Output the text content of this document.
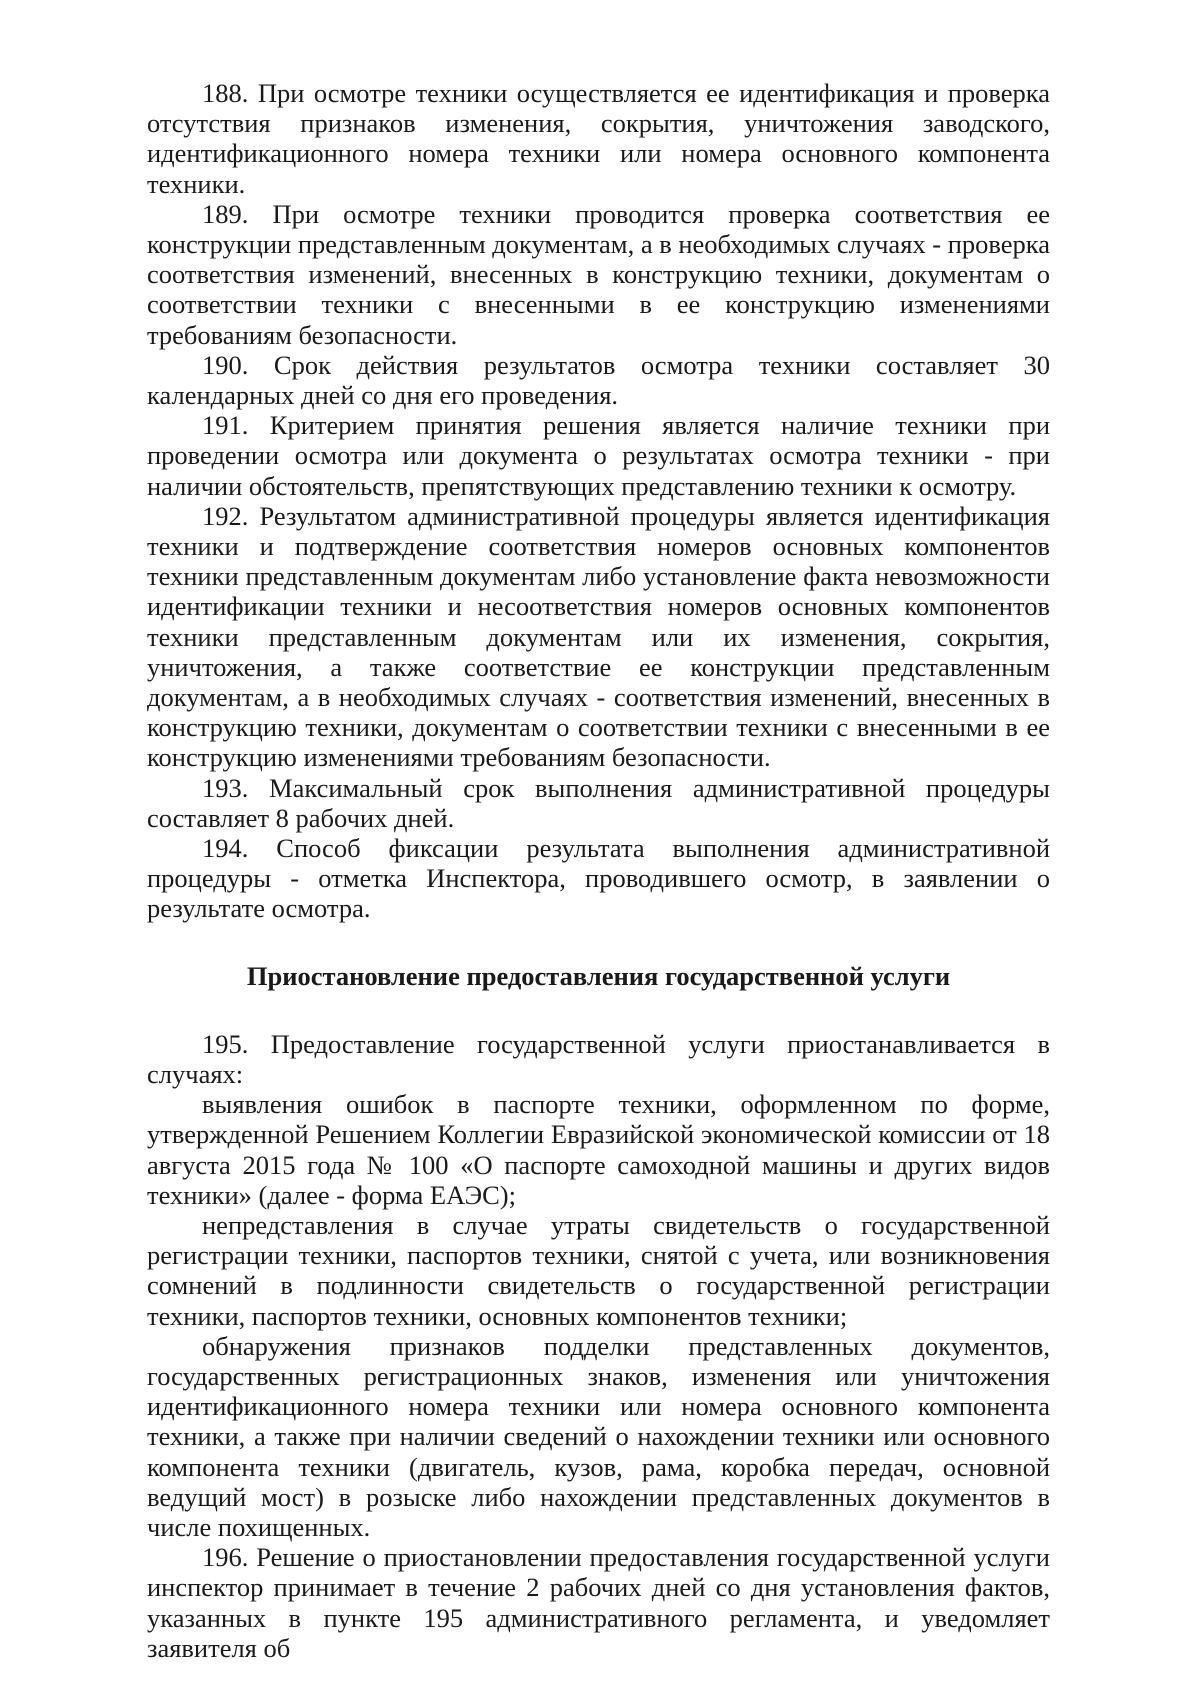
188. При осмотре техники осуществляется ее идентификация и проверка отсутствия признаков изменения, сокрытия, уничтожения заводского, идентификационного номера техники или номера основного компонента техники.

189. При осмотре техники проводится проверка соответствия ее конструкции представленным документам, а в необходимых случаях - проверка соответствия изменений, внесенных в конструкцию техники, документам о соответствии техники с внесенными в ее конструкцию изменениями требованиям безопасности.

190. Срок действия результатов осмотра техники составляет 30 календарных дней со дня его проведения.

191. Критерием принятия решения является наличие техники при проведении осмотра или документа о результатах осмотра техники - при наличии обстоятельств, препятствующих представлению техники к осмотру.

192. Результатом административной процедуры является идентификация техники и подтверждение соответствия номеров основных компонентов техники представленным документам либо установление факта невозможности идентификации техники и несоответствия номеров основных компонентов техники представленным документам или их изменения, сокрытия, уничтожения, а также соответствие ее конструкции представленным документам, а в необходимых случаях - соответствия изменений, внесенных в конструкцию техники, документам о соответствии техники с внесенными в ее конструкцию изменениями требованиям безопасности.

193. Максимальный срок выполнения административной процедуры составляет 8 рабочих дней.

194. Способ фиксации результата выполнения административной процедуры - отметка Инспектора, проводившего осмотр, в заявлении о результате осмотра.

Приостановление предоставления государственной услуги

195. Предоставление государственной услуги приостанавливается в случаях:

выявления ошибок в паспорте техники, оформленном по форме, утвержденной Решением Коллегии Евразийской экономической комиссии от 18 августа 2015 года № 100 «О паспорте самоходной машины и других видов техники» (далее - форма ЕАЭС);

непредставления в случае утраты свидетельств о государственной регистрации техники, паспортов техники, снятой с учета, или возникновения сомнений в подлинности свидетельств о государственной регистрации техники, паспортов техники, основных компонентов техники;

обнаружения признаков подделки представленных документов, государственных регистрационных знаков, изменения или уничтожения идентификационного номера техники или номера основного компонента техники, а также при наличии сведений о нахождении техники или основного компонента техники (двигатель, кузов, рама, коробка передач, основной ведущий мост) в розыске либо нахождении представленных документов в числе похищенных.

196. Решение о приостановлении предоставления государственной услуги инспектор принимает в течение 2 рабочих дней со дня установления фактов, указанных в пункте 195 административного регламента, и уведомляет заявителя об
